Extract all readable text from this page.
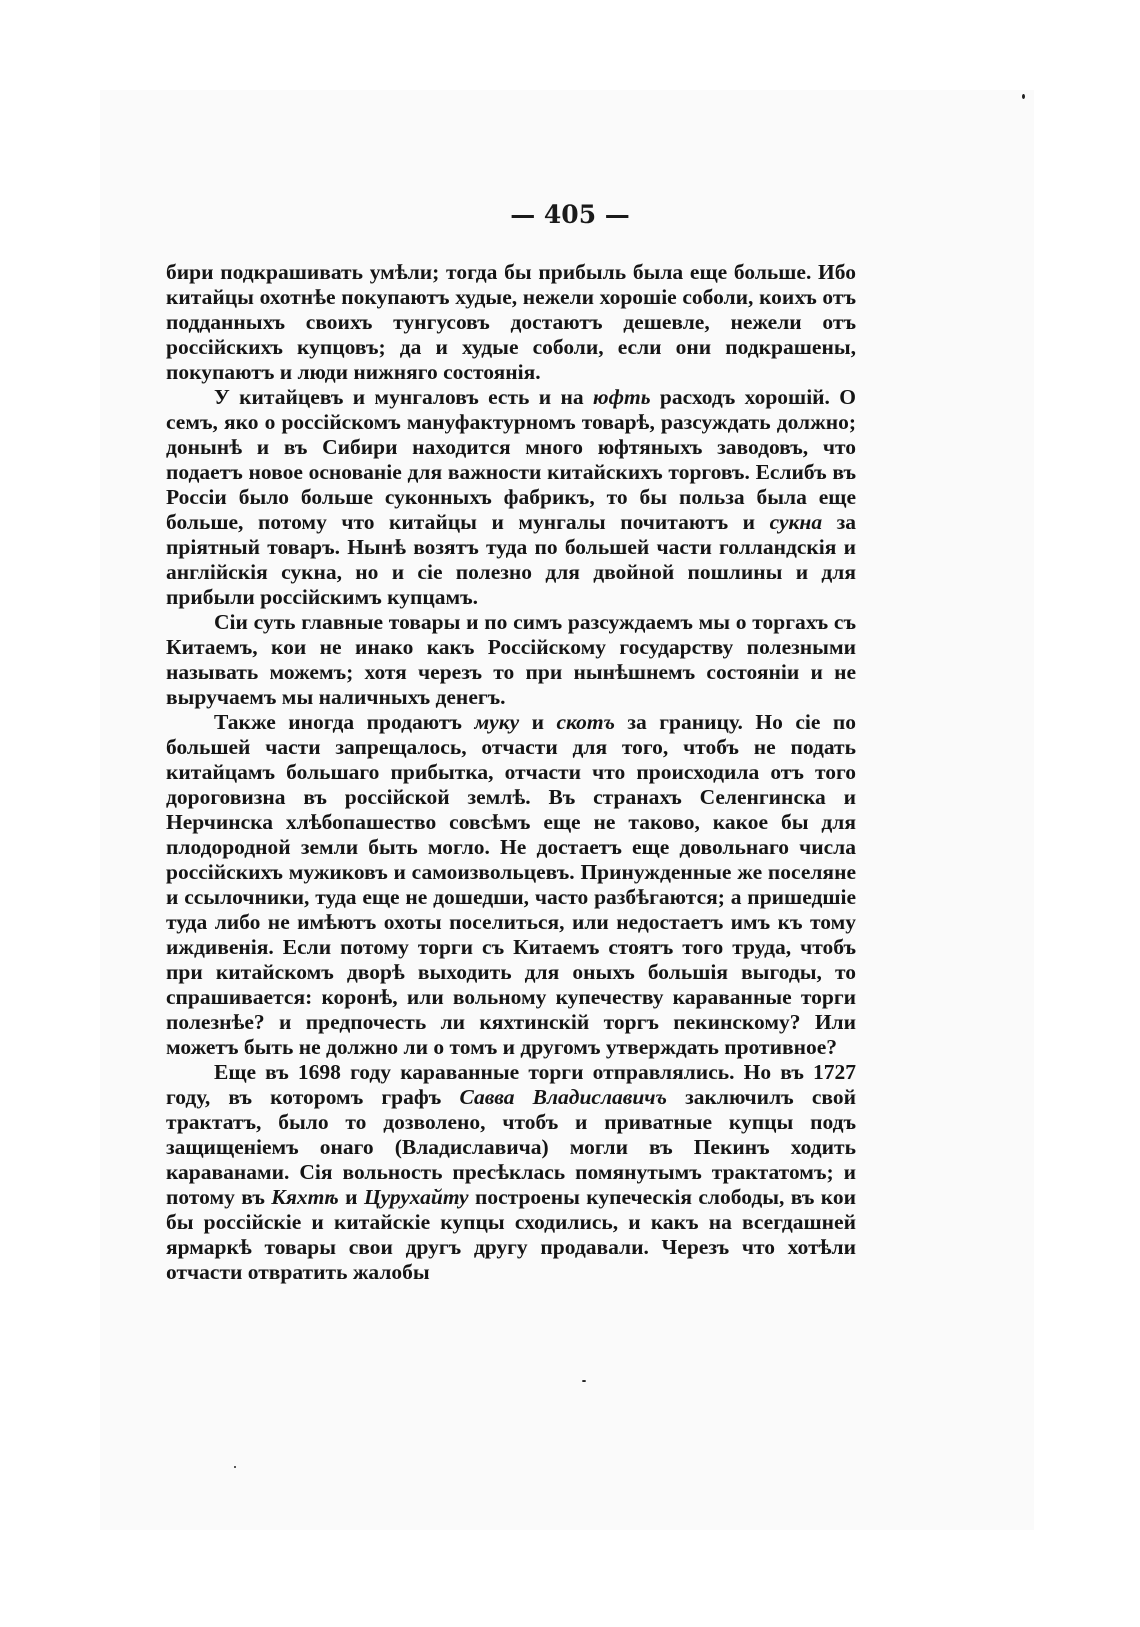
— 405 —

бири подкрашивать умѣли; тогда бы прибыль была еще больше. Ибо китайцы охотнѣе покупаютъ худые, нежели хорошіе соболи, коихъ отъ подданныхъ своихъ тунгусовъ достаютъ дешевле, нежели отъ россійскихъ купцовъ; да и худые соболи, если они подкрашены, покупаютъ и люди нижняго состоянія.

У китайцевъ и мунгаловъ есть и на юфть расходъ хорошій. О семъ, яко о россійскомъ мануфактурномъ товарѣ, разсуждать должно; донынѣ и въ Сибири находится много юфтяныхъ заводовъ, что подаетъ новое основаніе для важности китайскихъ торговъ. Еслибъ въ Россіи было больше суконныхъ фабрикъ, то бы польза была еще больше, потому что китайцы и мунгалы почитаютъ и сукна за пріятный товаръ. Нынѣ возятъ туда по большей части голландскія и англійскія сукна, но и сіе полезно для двойной пошлины и для прибыли россійскимъ купцамъ.

Сіи суть главные товары и по симъ разсуждаемъ мы о торгахъ съ Китаемъ, кои не инако какъ Россійскому государству полезными называть можемъ; хотя черезъ то при нынѣшнемъ состояніи и не выручаемъ мы наличныхъ денегъ.

Также иногда продаютъ муку и скотъ за границу. Но сіе по большей части запрещалось, отчасти для того, чтобъ не подать китайцамъ большаго прибытка, отчасти что происходила отъ того дороговизна въ россійской землѣ. Въ странахъ Селенгинска и Нерчинска хлѣбопашество совсѣмъ еще не таково, какое бы для плодородной земли быть могло. Не достаетъ еще довольнаго числа россійскихъ мужиковъ и самоизвольцевъ. Принужденные же поселяне и ссылочники, туда еще не дошедши, часто разбѣгаются; а пришедшіе туда либо не имѣютъ охоты поселиться, или недостаетъ имъ къ тому иждивенія. Если потому торги съ Китаемъ стоятъ того труда, чтобъ при китайскомъ дворѣ выходить для оныхъ большія выгоды, то спрашивается: коронѣ, или вольному купечеству караванные торги полезнѣе? и предпочесть ли кяхтинскій торгъ пекинскому? Или можетъ быть не должно ли о томъ и другомъ утверждать противное?

Еще въ 1698 году караванные торги отправлялись. Но въ 1727 году, въ которомъ графъ Савва Владиславичъ заключилъ свой трактатъ, было то дозволено, чтобъ и приватные купцы подъ защищеніемъ онаго (Владиславича) могли въ Пекинъ ходить караванами. Сія вольность пресѣклась помянутымъ трактатомъ; и потому въ Кяхтѣ и Цурухайту построены купеческія слободы, въ кои бы россійскіе и китайскіе купцы сходились, и какъ на всегдашней ярмаркѣ товары свои другъ другу продавали. Черезъ что хотѣли отчасти отвратить жалобы
